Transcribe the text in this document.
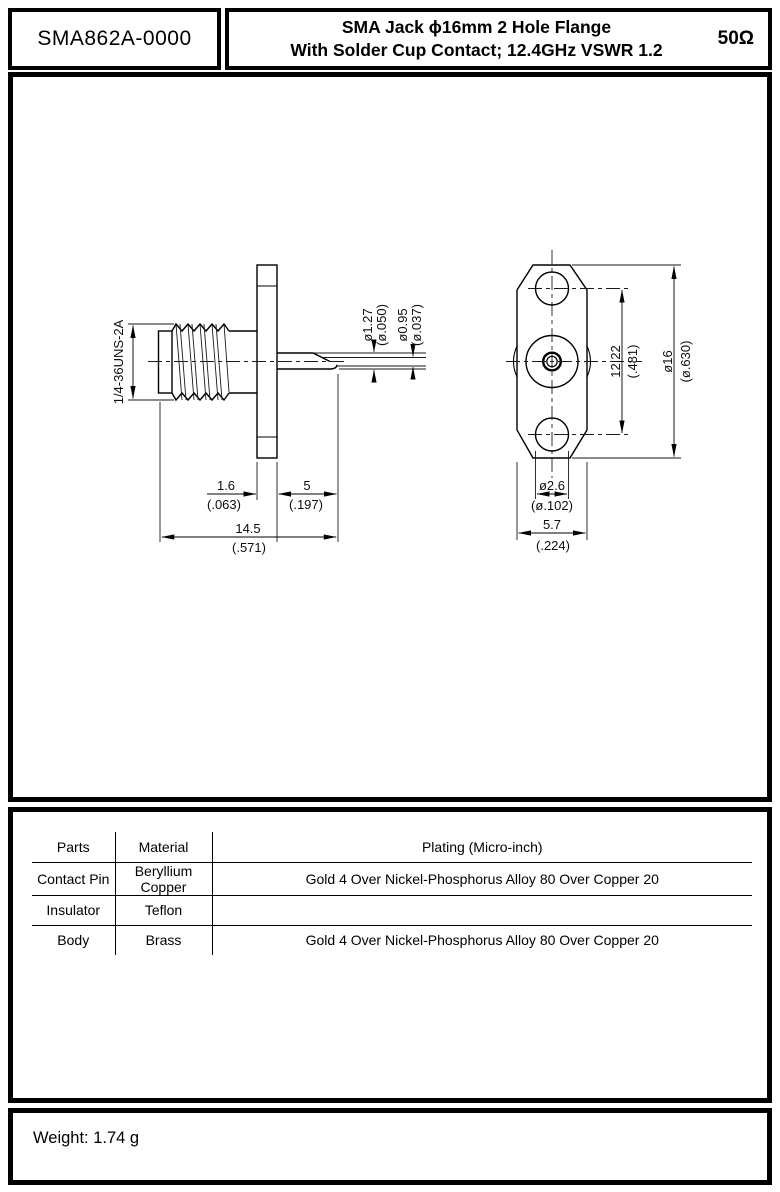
SMA862A-0000	SMA Jack ϕ16mm 2 Hole Flange
With Solder Cup Contact; 12.4GHz VSWR 1.2
50Ω
1/4-36UNS-2A	ø1.27 (ø.050) ø0.95 (ø.037)
1.6
(.063)
5
(.197)
14.5
(.571)
12.22 (.481) ø16 (ø.630)
ø2.6
(ø.102)
5.7
(.224)
Parts	Material	Plating (Micro-inch)
Contact Pin	Beryllium Copper	Gold 4 Over Nickel-Phosphorus Alloy 80 Over Copper 20
Insulator	Teflon	
Body	Brass	Gold 4 Over Nickel-Phosphorus Alloy 80 Over Copper 20
Weight: 1.74 g
